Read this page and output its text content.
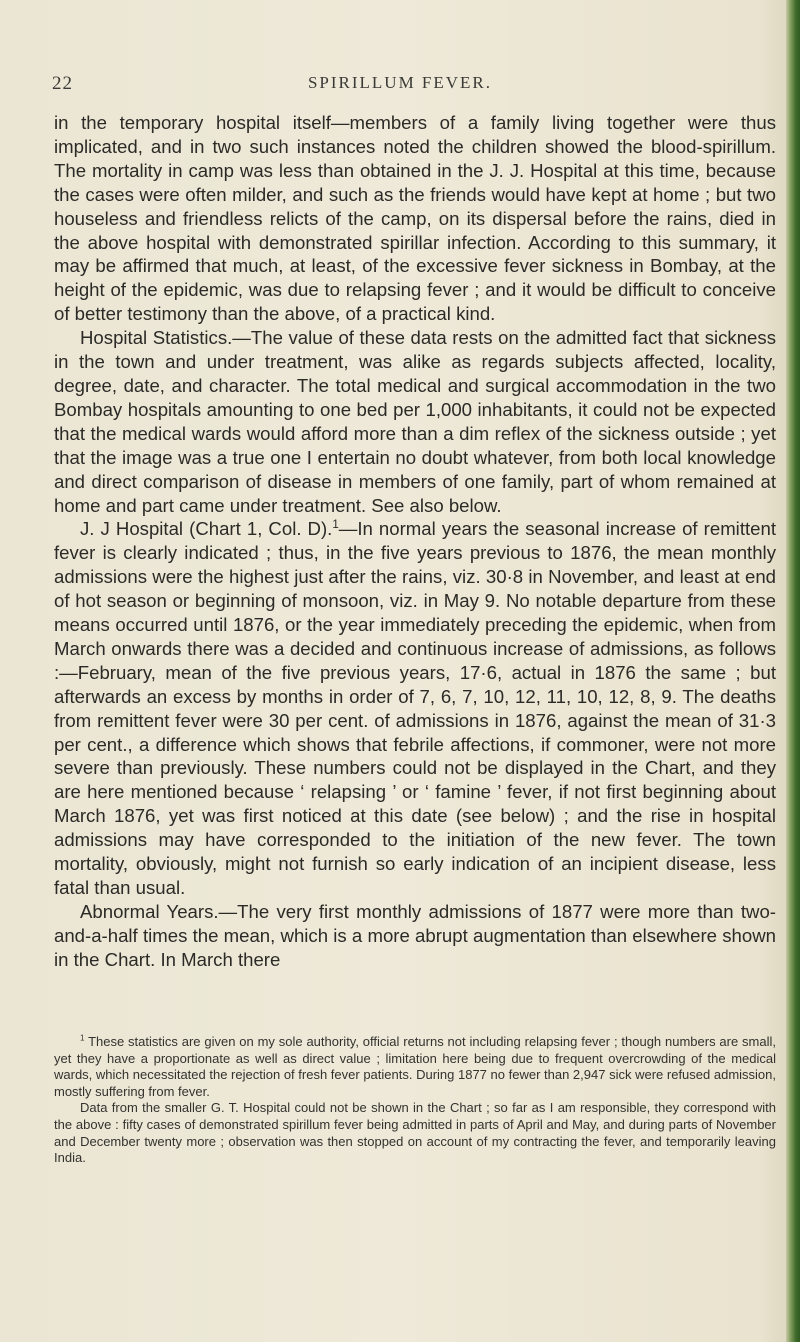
22	SPIRILLUM FEVER.

in the temporary hospital itself—members of a family living together were thus implicated, and in two such instances noted the children showed the blood-spirillum. The mortality in camp was less than obtained in the J. J. Hospital at this time, because the cases were often milder, and such as the friends would have kept at home ; but two houseless and friendless relicts of the camp, on its dispersal before the rains, died in the above hospital with demonstrated spirillar infection. According to this summary, it may be affirmed that much, at least, of the excessive fever sickness in Bombay, at the height of the epidemic, was due to relapsing fever ; and it would be difficult to conceive of better testimony than the above, of a practical kind.

Hospital Statistics.—The value of these data rests on the admitted fact that sickness in the town and under treatment, was alike as regards subjects affected, locality, degree, date, and character. The total medical and surgical accommodation in the two Bombay hospitals amounting to one bed per 1,000 inhabitants, it could not be expected that the medical wards would afford more than a dim reflex of the sickness outside ; yet that the image was a true one I entertain no doubt whatever, from both local knowledge and direct comparison of disease in members of one family, part of whom remained at home and part came under treatment. See also below.

J. J Hospital (Chart 1, Col. D).$^1$—In normal years the seasonal increase of remittent fever is clearly indicated ; thus, in the five years previous to 1876, the mean monthly admissions were the highest just after the rains, viz. 30·8 in November, and least at end of hot season or beginning of monsoon, viz. in May 9. No notable departure from these means occurred until 1876, or the year immediately preceding the epidemic, when from March onwards there was a decided and continuous increase of admissions, as follows :—February, mean of the five previous years, 17·6, actual in 1876 the same ; but afterwards an excess by months in order of 7, 6, 7, 10, 12, 11, 10, 12, 8, 9. The deaths from remittent fever were 30 per cent. of admissions in 1876, against the mean of 31·3 per cent., a difference which shows that febrile affections, if commoner, were not more severe than previously. These numbers could not be displayed in the Chart, and they are here mentioned because ‘ relapsing ’ or ‘ famine ’ fever, if not first beginning about March 1876, yet was first noticed at this date (see below) ; and the rise in hospital admissions may have corresponded to the initiation of the new fever. The town mortality, obviously, might not furnish so early indication of an incipient disease, less fatal than usual.

Abnormal Years.—The very first monthly admissions of 1877 were more than two-and-a-half times the mean, which is a more abrupt augmentation than elsewhere shown in the Chart. In March there

$^1$ These statistics are given on my sole authority, official returns not including relapsing fever ; though numbers are small, yet they have a proportionate as well as direct value ; limitation here being due to frequent overcrowding of the medical wards, which necessitated the rejection of fresh fever patients. During 1877 no fewer than 2,947 sick were refused admission, mostly suffering from fever.

Data from the smaller G. T. Hospital could not be shown in the Chart ; so far as I am responsible, they correspond with the above : fifty cases of demonstrated spirillum fever being admitted in parts of April and May, and during parts of November and December twenty more ; observation was then stopped on account of my contracting the fever, and temporarily leaving India.
